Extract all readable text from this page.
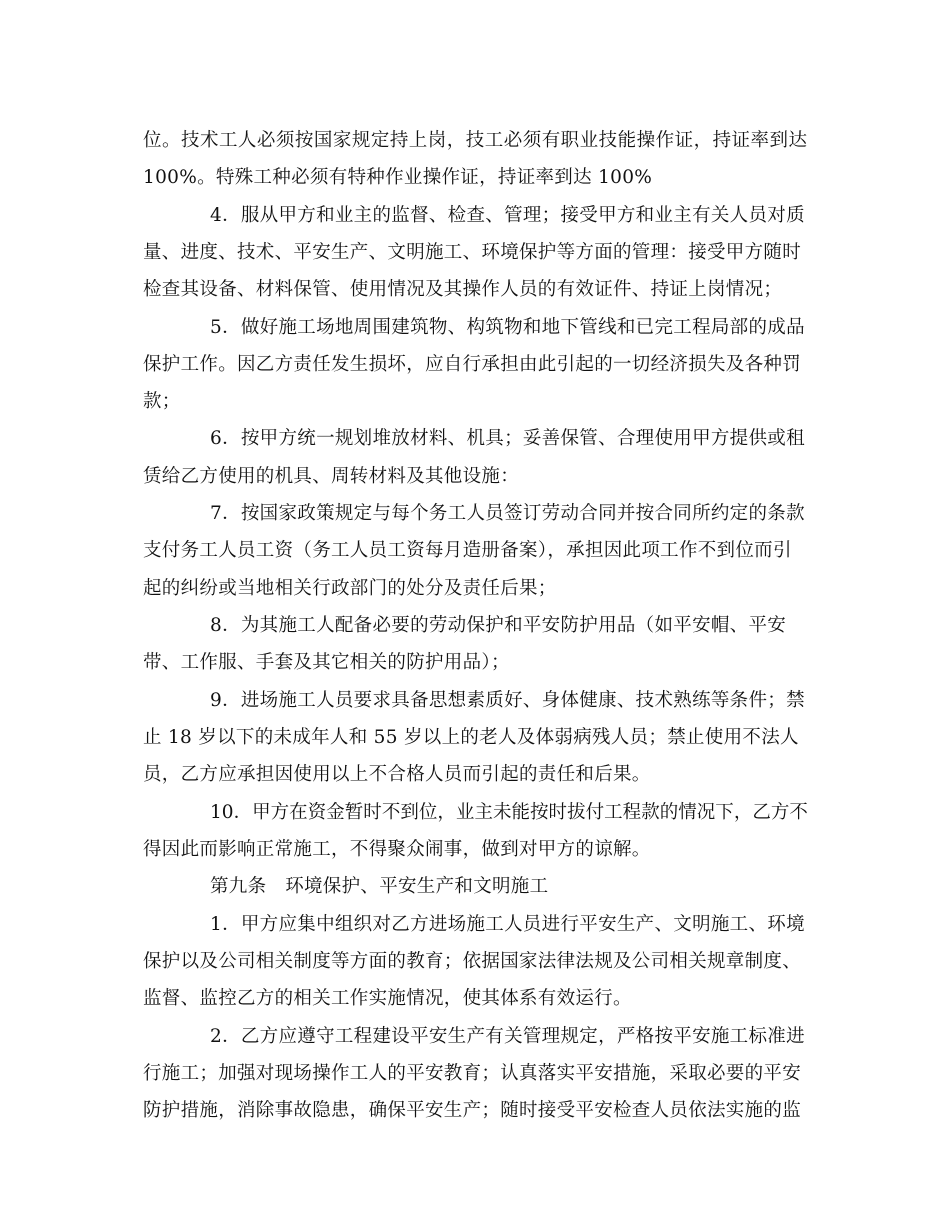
位。技术工人必须按国家规定持上岗，技工必须有职业技能操作证，持证率到达
100%。特殊工种必须有特种作业操作证，持证率到达 100%
4．服从甲方和业主的监督、检查、管理；接受甲方和业主有关人员对质
量、进度、技术、平安生产、文明施工、环境保护等方面的管理：接受甲方随时
检查其设备、材料保管、使用情况及其操作人员的有效证件、持证上岗情况；
5．做好施工场地周围建筑物、构筑物和地下管线和已完工程局部的成品
保护工作。因乙方责任发生损坏，应自行承担由此引起的一切经济损失及各种罚
款；
6．按甲方统一规划堆放材料、机具；妥善保管、合理使用甲方提供或租
赁给乙方使用的机具、周转材料及其他设施：
7．按国家政策规定与每个务工人员签订劳动合同并按合同所约定的条款
支付务工人员工资（务工人员工资每月造册备案），承担因此项工作不到位而引
起的纠纷或当地相关行政部门的处分及责任后果；
8．为其施工人配备必要的劳动保护和平安防护用品（如平安帽、平安
带、工作服、手套及其它相关的防护用品）；
9．进场施工人员要求具备思想素质好、身体健康、技术熟练等条件；禁
止 18 岁以下的未成年人和 55 岁以上的老人及体弱病残人员；禁止使用不法人
员，乙方应承担因使用以上不合格人员而引起的责任和后果。
10．甲方在资金暂时不到位，业主未能按时拔付工程款的情况下，乙方不
得因此而影响正常施工，不得聚众闹事，做到对甲方的谅解。
第九条　环境保护、平安生产和文明施工
1．甲方应集中组织对乙方进场施工人员进行平安生产、文明施工、环境
保护以及公司相关制度等方面的教育；依据国家法律法规及公司相关规章制度、
监督、监控乙方的相关工作实施情况，使其体系有效运行。
2．乙方应遵守工程建设平安生产有关管理规定，严格按平安施工标准进
行施工；加强对现场操作工人的平安教育；认真落实平安措施，采取必要的平安
防护措施，消除事故隐患，确保平安生产；随时接受平安检查人员依法实施的监
